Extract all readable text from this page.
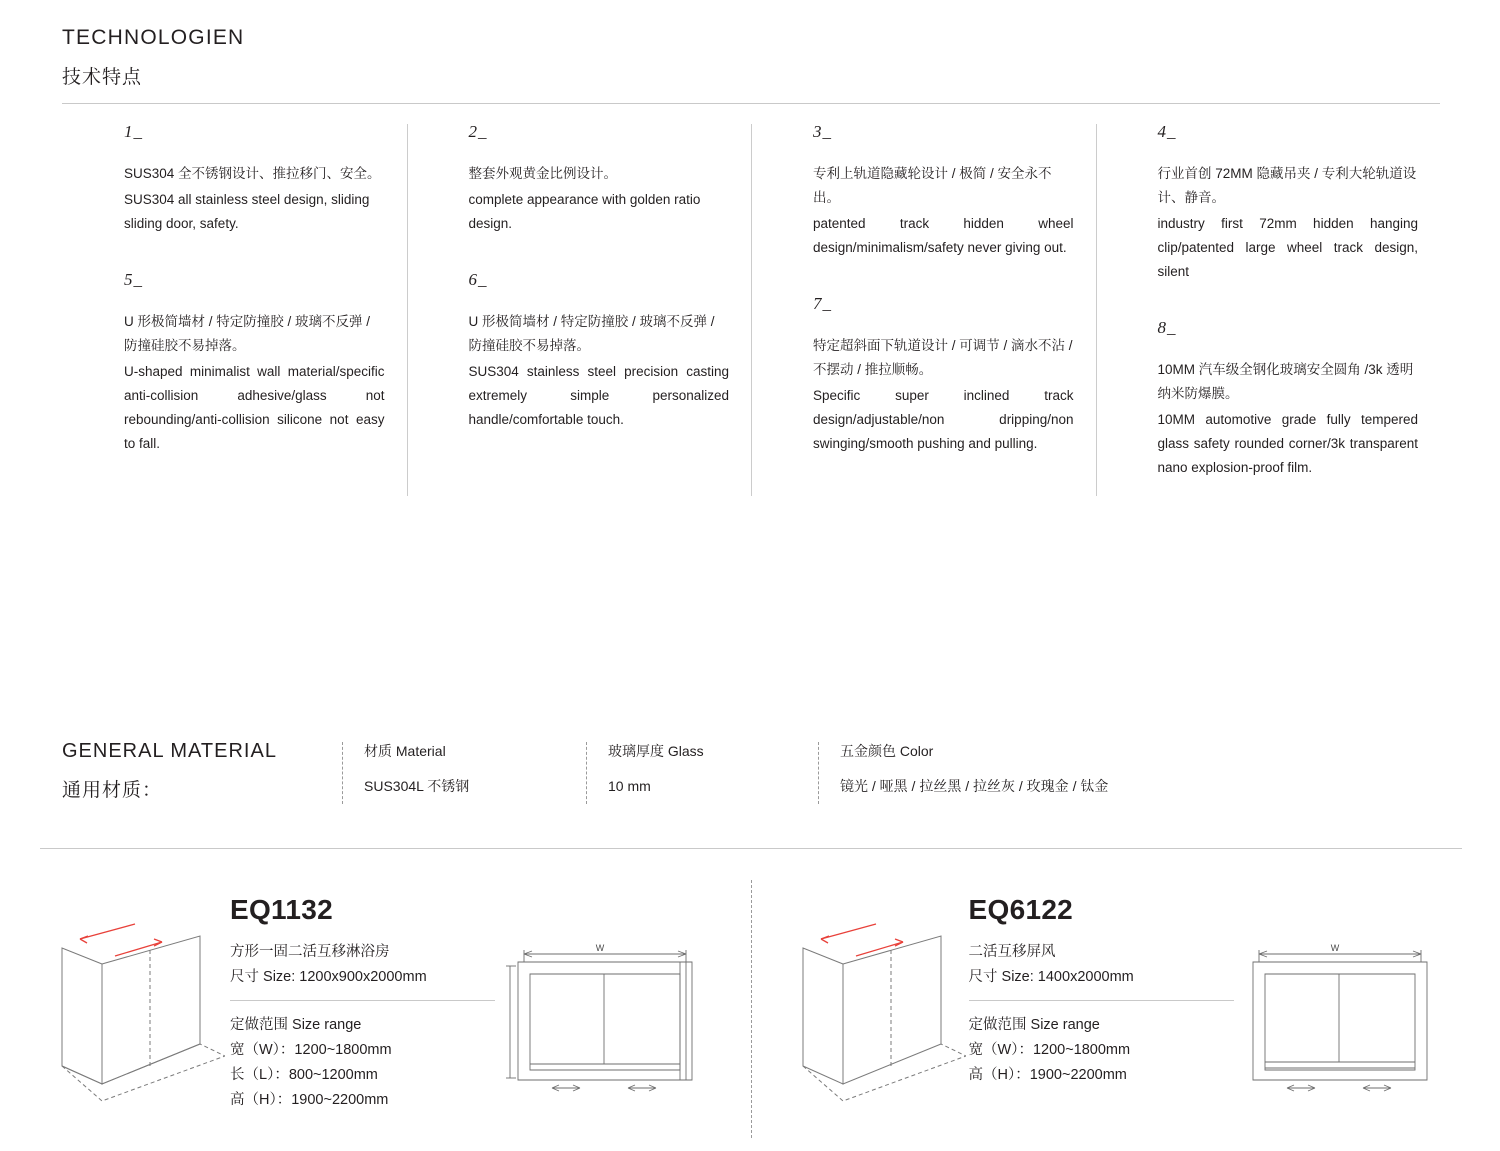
TECHNOLOGIEN
技术特点
1_
SUS304 全不锈钢设计、推拉移门、安全。
SUS304 all stainless steel design, sliding sliding door, safety.
5_
U 形极简墙材 / 特定防撞胶 / 玻璃不反弹 / 防撞硅胶不易掉落。
U-shaped minimalist wall material/specific anti-collision adhesive/glass not rebounding/anti-collision silicone not easy to fall.
2_
整套外观黄金比例设计。
complete appearance with golden ratio design.
6_
U 形极简墙材 / 特定防撞胶 / 玻璃不反弹 / 防撞硅胶不易掉落。
SUS304 stainless steel precision casting extremely simple personalized handle/comfortable touch.
3_
专利上轨道隐藏轮设计 / 极简 / 安全永不出。
patented track hidden wheel design/minimalism/safety never giving out.
7_
特定超斜面下轨道设计 / 可调节 / 滴水不沾 / 不摆动 / 推拉顺畅。
Specific super inclined track design/adjustable/non dripping/non swinging/smooth pushing and pulling.
4_
行业首创 72MM 隐藏吊夹 / 专利大轮轨道设计、静音。
industry first 72mm hidden hanging clip/patented large wheel track design, silent
8_
10MM 汽车级全钢化玻璃安全圆角 /3k 透明纳米防爆膜。
10MM automotive grade fully tempered glass safety rounded corner/3k transparent nano explosion-proof film.
GENERAL MATERIAL
通用材质：
材质 Material
SUS304L 不锈钢
玻璃厚度 Glass
10 mm
五金颜色 Color
镜光 / 哑黑 / 拉丝黑 / 拉丝灰 / 玫瑰金 / 钛金
EQ1132
方形一固二活互移淋浴房
尺寸 Size: 1200x900x2000mm
定做范围 Size range
宽（W）：1200~1800mm
长（L）：800~1200mm
高（H）：1900~2200mm
W
EQ6122
二活互移屏风
尺寸 Size: 1400x2000mm
定做范围 Size range
宽（W）：1200~1800mm
高（H）：1900~2200mm
W
